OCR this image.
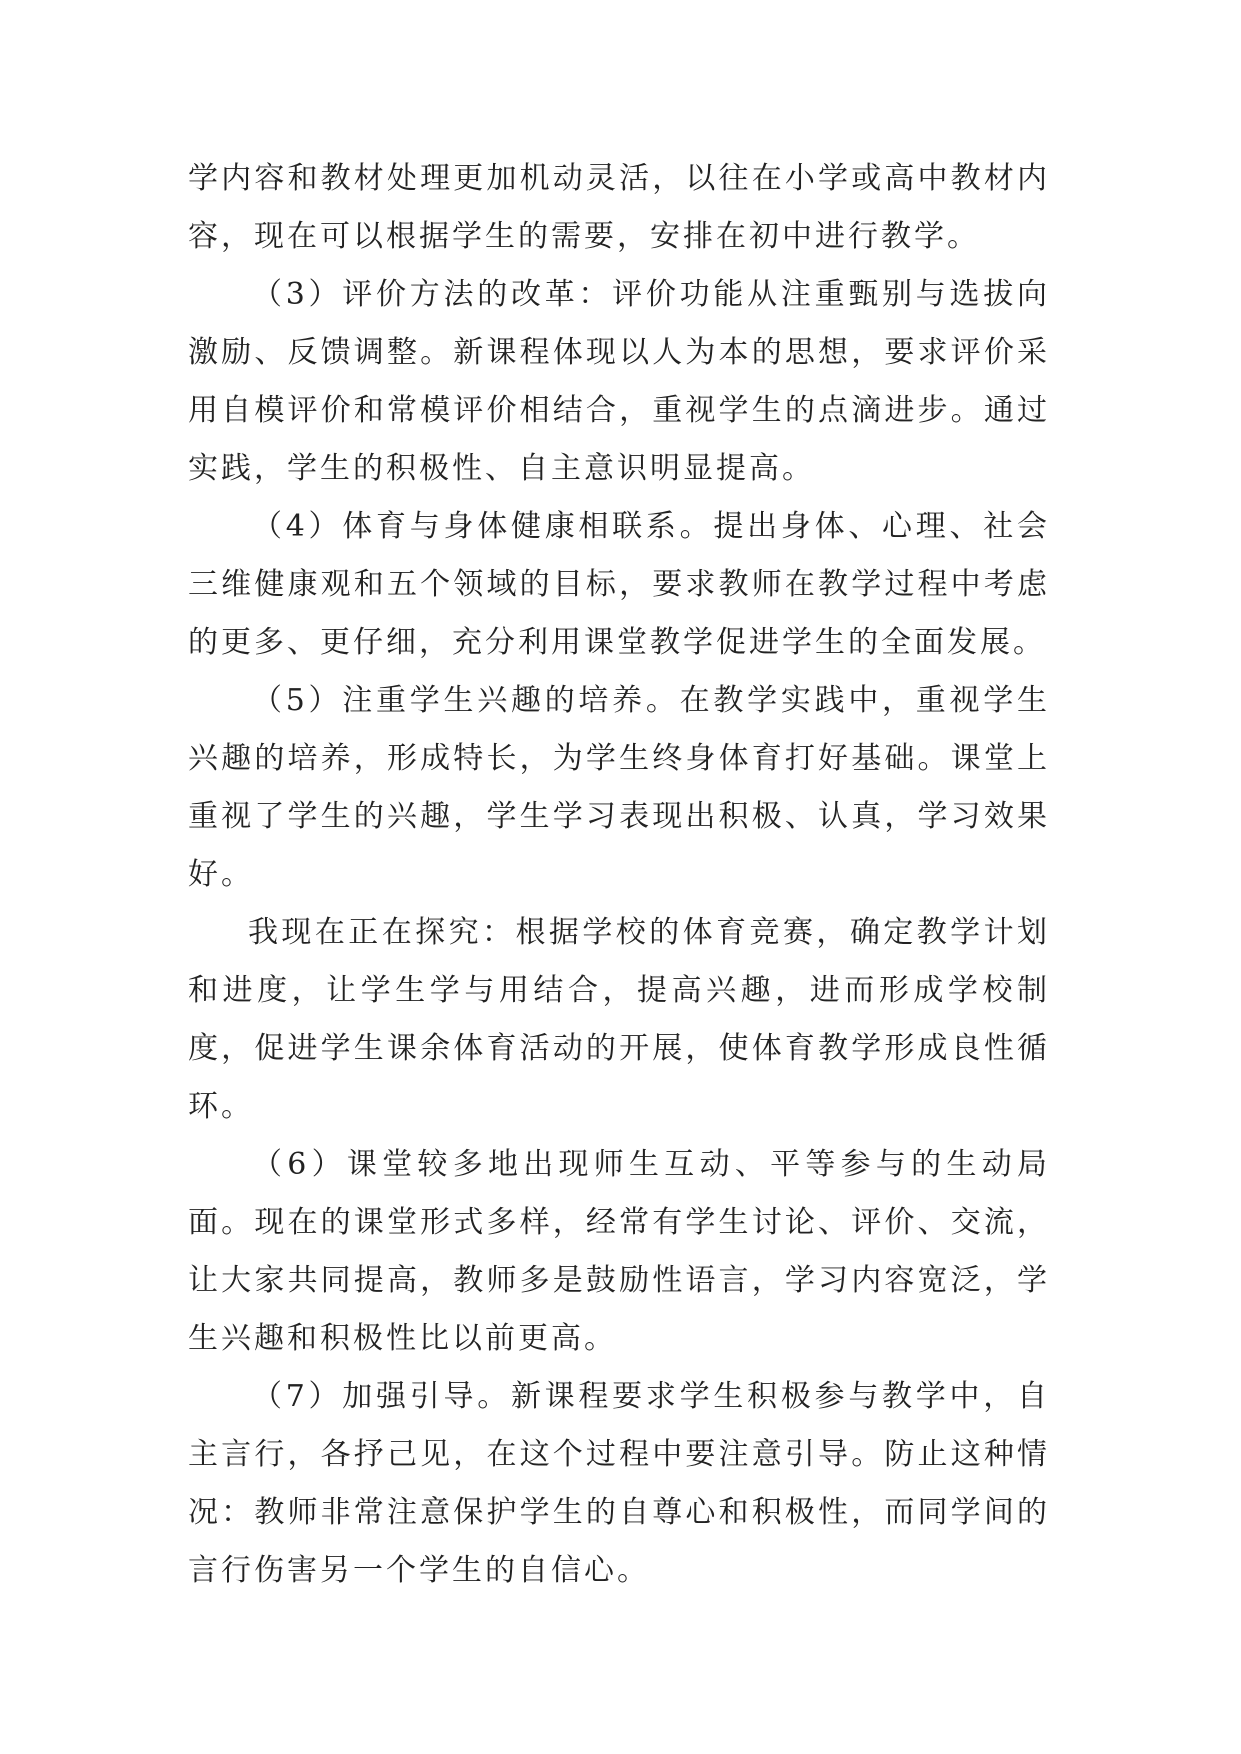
学内容和教材处理更加机动灵活，以往在小学或高中教材内容，现在可以根据学生的需要，安排在初中进行教学。

（3）评价方法的改革：评价功能从注重甄别与选拔向激励、反馈调整。新课程体现以人为本的思想，要求评价采用自模评价和常模评价相结合，重视学生的点滴进步。通过实践，学生的积极性、自主意识明显提高。

（4）体育与身体健康相联系。提出身体、心理、社会三维健康观和五个领域的目标，要求教师在教学过程中考虑的更多、更仔细，充分利用课堂教学促进学生的全面发展。

（5）注重学生兴趣的培养。在教学实践中，重视学生兴趣的培养，形成特长，为学生终身体育打好基础。课堂上重视了学生的兴趣，学生学习表现出积极、认真，学习效果好。

我现在正在探究：根据学校的体育竞赛，确定教学计划和进度，让学生学与用结合，提高兴趣，进而形成学校制度，促进学生课余体育活动的开展，使体育教学形成良性循环。

（6）课堂较多地出现师生互动、平等参与的生动局面。现在的课堂形式多样，经常有学生讨论、评价、交流，让大家共同提高，教师多是鼓励性语言，学习内容宽泛，学生兴趣和积极性比以前更高。

（7）加强引导。新课程要求学生积极参与教学中，自主言行，各抒己见，在这个过程中要注意引导。防止这种情况：教师非常注意保护学生的自尊心和积极性，而同学间的言行伤害另一个学生的自信心。
